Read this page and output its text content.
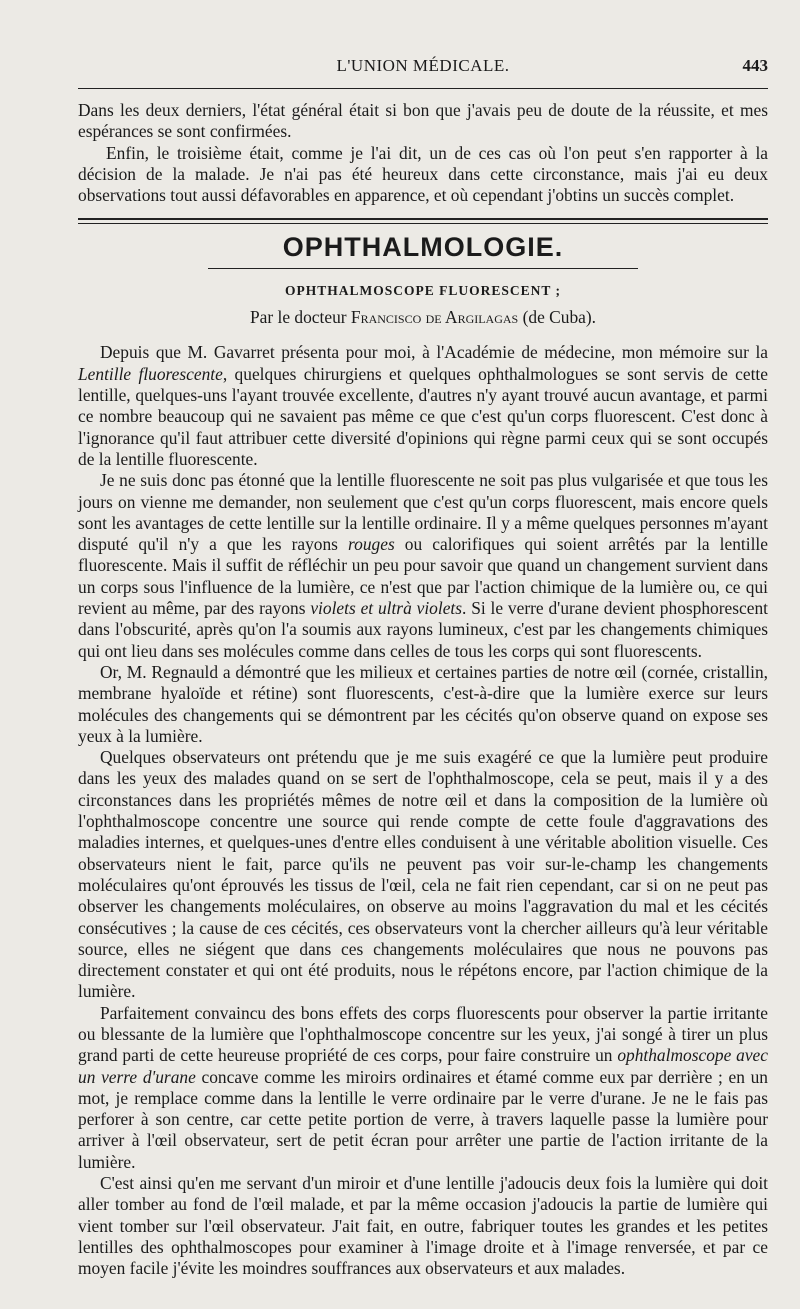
L'UNION MÉDICALE.	443

Dans les deux derniers, l'état général était si bon que j'avais peu de doute de la réussite, et mes espérances se sont confirmées.

Enfin, le troisième était, comme je l'ai dit, un de ces cas où l'on peut s'en rapporter à la décision de la malade. Je n'ai pas été heureux dans cette circonstance, mais j'ai eu deux observations tout aussi défavorables en apparence, et où cependant j'obtins un succès complet.

OPHTHALMOLOGIE.
OPHTHALMOSCOPE FLUORESCENT ;
Par le docteur Francisco de Argilagas (de Cuba).

Depuis que M. Gavarret présenta pour moi, à l'Académie de médecine, mon mémoire sur la Lentille fluorescente, quelques chirurgiens et quelques ophthalmologues se sont servis de cette lentille, quelques-uns l'ayant trouvée excellente, d'autres n'y ayant trouvé aucun avantage, et parmi ce nombre beaucoup qui ne savaient pas même ce que c'est qu'un corps fluorescent. C'est donc à l'ignorance qu'il faut attribuer cette diversité d'opinions qui règne parmi ceux qui se sont occupés de la lentille fluorescente.

Je ne suis donc pas étonné que la lentille fluorescente ne soit pas plus vulgarisée et que tous les jours on vienne me demander, non seulement que c'est qu'un corps fluorescent, mais encore quels sont les avantages de cette lentille sur la lentille ordinaire. Il y a même quelques personnes m'ayant disputé qu'il n'y a que les rayons rouges ou calorifiques qui soient arrêtés par la lentille fluorescente. Mais il suffit de réfléchir un peu pour savoir que quand un changement survient dans un corps sous l'influence de la lumière, ce n'est que par l'action chimique de la lumière ou, ce qui revient au même, par des rayons violets et ultrà violets. Si le verre d'urane devient phosphorescent dans l'obscurité, après qu'on l'a soumis aux rayons lumineux, c'est par les changements chimiques qui ont lieu dans ses molécules comme dans celles de tous les corps qui sont fluorescents.

Or, M. Regnauld a démontré que les milieux et certaines parties de notre œil (cornée, cristallin, membrane hyaloïde et rétine) sont fluorescents, c'est-à-dire que la lumière exerce sur leurs molécules des changements qui se démontrent par les cécités qu'on observe quand on expose ses yeux à la lumière.

Quelques observateurs ont prétendu que je me suis exagéré ce que la lumière peut produire dans les yeux des malades quand on se sert de l'ophthalmoscope, cela se peut, mais il y a des circonstances dans les propriétés mêmes de notre œil et dans la composition de la lumière où l'ophthalmoscope concentre une source qui rende compte de cette foule d'aggravations des maladies internes, et quelques-unes d'entre elles conduisent à une véritable abolition visuelle. Ces observateurs nient le fait, parce qu'ils ne peuvent pas voir sur-le-champ les changements moléculaires qu'ont éprouvés les tissus de l'œil, cela ne fait rien cependant, car si on ne peut pas observer les changements moléculaires, on observe au moins l'aggravation du mal et les cécités consécutives ; la cause de ces cécités, ces observateurs vont la chercher ailleurs qu'à leur véritable source, elles ne siégent que dans ces changements moléculaires que nous ne pouvons pas directement constater et qui ont été produits, nous le répétons encore, par l'action chimique de la lumière.

Parfaitement convaincu des bons effets des corps fluorescents pour observer la partie irritante ou blessante de la lumière que l'ophthalmoscope concentre sur les yeux, j'ai songé à tirer un plus grand parti de cette heureuse propriété de ces corps, pour faire construire un ophthalmoscope avec un verre d'urane concave comme les miroirs ordinaires et étamé comme eux par derrière ; en un mot, je remplace comme dans la lentille le verre ordinaire par le verre d'urane. Je ne le fais pas perforer à son centre, car cette petite portion de verre, à travers laquelle passe la lumière pour arriver à l'œil observateur, sert de petit écran pour arrêter une partie de l'action irritante de la lumière.

C'est ainsi qu'en me servant d'un miroir et d'une lentille j'adoucis deux fois la lumière qui doit aller tomber au fond de l'œil malade, et par la même occasion j'adoucis la partie de lumière qui vient tomber sur l'œil observateur. J'ait fait, en outre, fabriquer toutes les grandes et les petites lentilles des ophthalmoscopes pour examiner à l'image droite et à l'image renversée, et par ce moyen facile j'évite les moindres souffrances aux observateurs et aux malades.
